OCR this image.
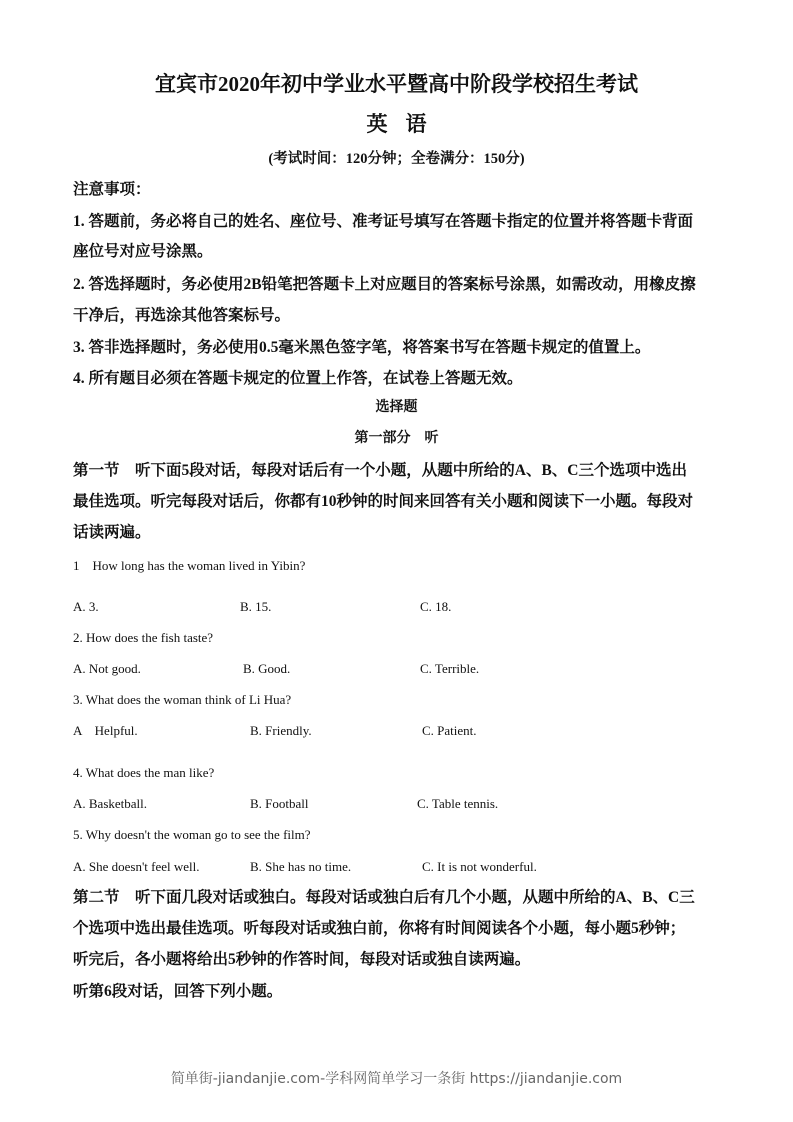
宜宾市2020年初中学业水平暨高中阶段学校招生考试
英语
(考试时间：120分钟；全卷满分：150分)
注意事项：
1. 答题前，务必将自己的姓名、座位号、准考证号填写在答题卡指定的位置并将答题卡背面
座位号对应号涂黑。
2. 答选择题时，务必使用2B铅笔把答题卡上对应题目的答案标号涂黑，如需改动，用橡皮擦
干净后，再选涂其他答案标号。
3. 答非选择题时，务必使用0.5毫米黑色签字笔，将答案书写在答题卡规定的值置上。
4. 所有题目必须在答题卡规定的位置上作答，在试卷上答题无效。
选择题
第一部分　听
第一节　听下面5段对话，每段对话后有一个小题，从题中所给的A、B、C三个选项中选出
最佳选项。听完每段对话后，你都有10秒钟的时间来回答有关小题和阅读下一小题。每段对
话读两遍。
1　How long has the woman lived in Yibin?
A. 3.	B. 15.	C. 18.
2. How does the fish taste?
A. Not good.	B. Good.	C. Terrible.
3. What does the woman think of Li Hua?
A　Helpful.	B. Friendly.	C. Patient.
4. What does the man like?
A. Basketball.	B. Football	C. Table tennis.
5. Why doesn't the woman go to see the film?
A. She doesn't feel well.	B. She has no time.	C. It is not wonderful.
第二节　听下面几段对话或独白。每段对话或独白后有几个小题，从题中所给的A、B、C三
个选项中选出最佳选项。听每段对话或独白前，你将有时间阅读各个小题，每小题5秒钟；
听完后，各小题将给出5秒钟的作答时间，每段对话或独自读两遍。
听第6段对话，回答下列小题。
简单街-jiandanjie.com-学科网简单学习一条街 https://jiandanjie.com
